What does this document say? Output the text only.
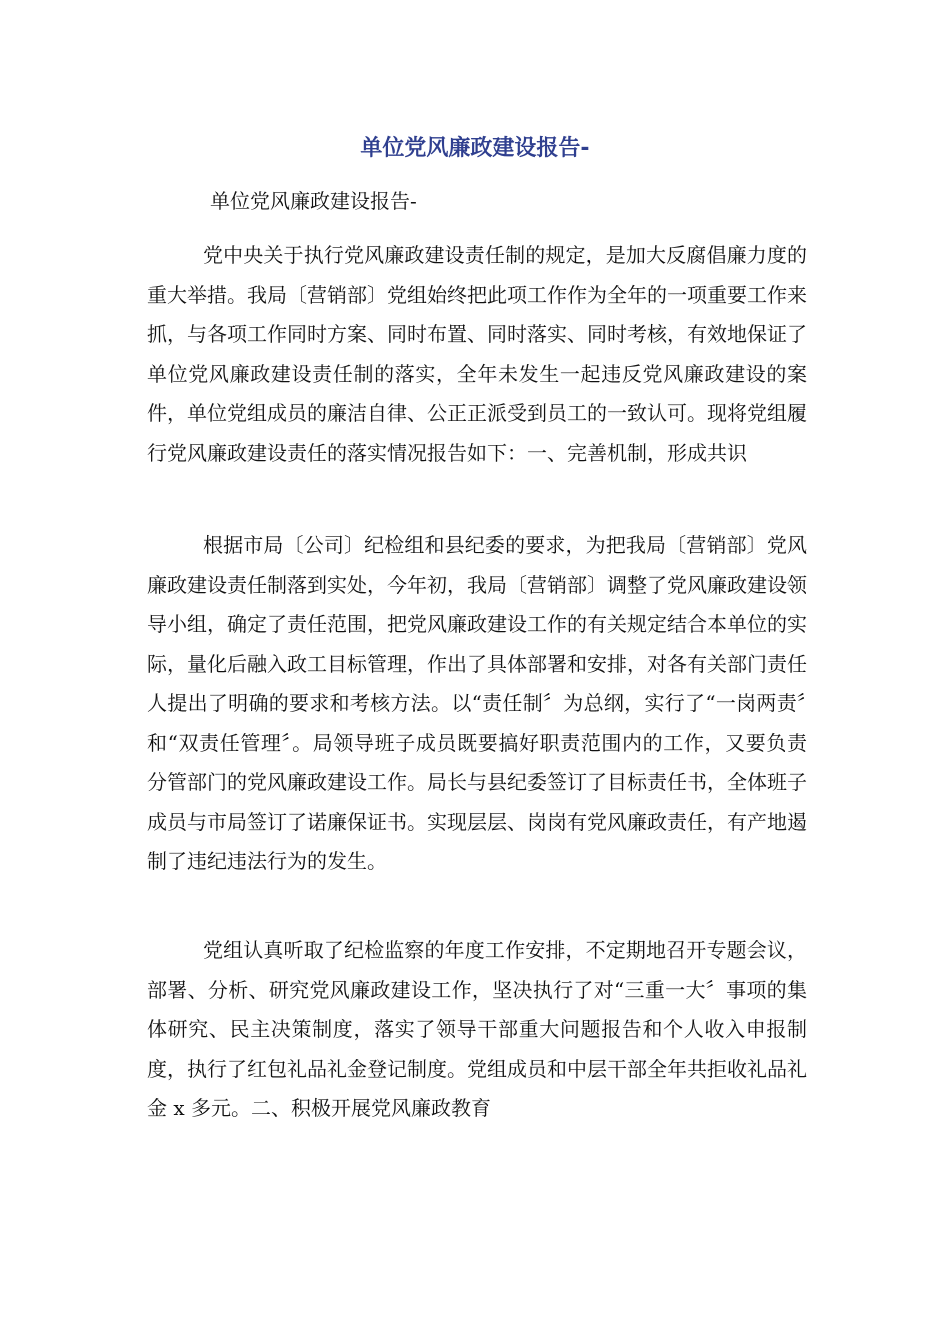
单位党风廉政建设报告-

单位党风廉政建设报告-

党中央关于执行党风廉政建设责任制的规定，是加大反腐倡廉力度的重大举措。我局〔营销部〕党组始终把此项工作作为全年的一项重要工作来抓，与各项工作同时方案、同时布置、同时落实、同时考核，有效地保证了单位党风廉政建设责任制的落实，全年未发生一起违反党风廉政建设的案件，单位党组成员的廉洁自律、公正正派受到员工的一致认可。现将党组履行党风廉政建设责任的落实情况报告如下：一、完善机制，形成共识

根据市局〔公司〕纪检组和县纪委的要求，为把我局〔营销部〕党风廉政建设责任制落到实处，今年初，我局〔营销部〕调整了党风廉政建设领导小组，确定了责任范围，把党风廉政建设工作的有关规定结合本单位的实际，量化后融入政工目标管理，作出了具体部署和安排，对各有关部门责任人提出了明确的要求和考核方法。以“责任制〞为总纲，实行了“一岗两责〞和“双责任管理〞。局领导班子成员既要搞好职责范围内的工作，又要负责分管部门的党风廉政建设工作。局长与县纪委签订了目标责任书，全体班子成员与市局签订了诺廉保证书。实现层层、岗岗有党风廉政责任，有产地遏制了违纪违法行为的发生。

党组认真听取了纪检监察的年度工作安排，不定期地召开专题会议，部署、分析、研究党风廉政建设工作，坚决执行了对“三重一大〞事项的集体研究、民主决策制度，落实了领导干部重大问题报告和个人收入申报制度，执行了红包礼品礼金登记制度。党组成员和中层干部全年共拒收礼品礼金 x 多元。二、积极开展党风廉政教育
